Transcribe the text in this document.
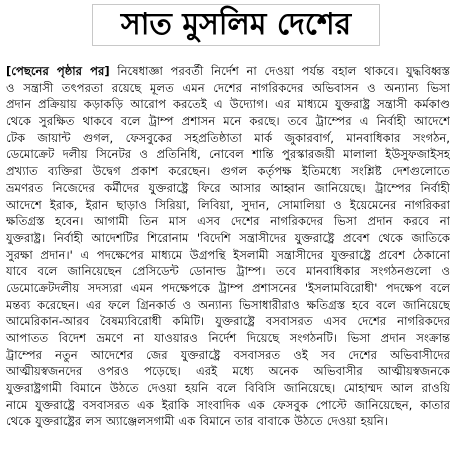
সাত মুসলিম দেশের
[পেছনের পৃষ্ঠার পর] নিষেধাজ্ঞা পরবর্তী নির্দেশ না দেওয়া পর্যন্ত বহাল থাকবে। যুদ্ধবিধ্বস্ত
ও সন্ত্রাসী তৎপরতা রয়েছে মূলত এমন দেশের নাগরিকদের অভিবাসন ও অন্যান্য ভিসা
প্রদান প্রক্রিয়ায় কড়াকড়ি আরোপ করতেই এ উদ্যোগ। এর মাধ্যমে যুক্তরাষ্ট্র সন্ত্রাসী কর্মকাণ্ড
থেকে সুরক্ষিত থাকবে বলে ট্রাম্প প্রশাসন মনে করছে। তবে ট্রাম্পের এ নির্বাহী আদেশে
টেক জায়ান্ট গুগল, ফেসবুকের সহপ্রতিষ্ঠাতা মার্ক জুকারবার্গ, মানবাধিকার সংগঠন,
ডেমোক্রেট দলীয় সিনেটর ও প্রতিনিধি, নোবেল শান্তি পুরস্কারজয়ী মালালা ইউসুফজাইসহ
প্রখ্যাত ব্যক্তিরা উদ্বেগ প্রকাশ করেছেন। গুগল কর্তৃপক্ষ ইতিমধ্যে সংশ্লিষ্ট দেশগুলোতে
ভ্রমণরত নিজেদের কর্মীদের যুক্তরাষ্ট্রে ফিরে আসার আহ্বান জানিয়েছে। ট্রাম্পের নির্বাহী
আদেশে ইরাক, ইরান ছাড়াও সিরিয়া, লিবিয়া, সুদান, সোমালিয়া ও ইয়েমেনের নাগরিকরা
ক্ষতিগ্রস্ত হবেন। আগামী তিন মাস এসব দেশের নাগরিকদের ভিসা প্রদান করবে না
যুক্তরাষ্ট্র। নির্বাহী আদেশটির শিরোনাম 'বিদেশি সন্ত্রাসীদের যুক্তরাষ্ট্রে প্রবেশ থেকে জাতিকে
সুরক্ষা প্রদান।' এ পদক্ষেপের মাধ্যমে উগ্রপন্থি ইসলামী সন্ত্রাসীদের যুক্তরাষ্ট্রে প্রবেশ ঠেকানো
যাবে বলে জানিয়েছেন প্রেসিডেন্ট ডোনাল্ড ট্রাম্প। তবে মানবাধিকার সংগঠনগুলো ও
ডেমোক্রেটদলীয় সদস্যরা এমন পদক্ষেপকে ট্রাম্প প্রশাসনের 'ইসলামবিরোধী' পদক্ষেপ বলে
মন্তব্য করেছেন। এর ফলে গ্রিনকার্ড ও অন্যান্য ভিসাধারীরাও ক্ষতিগ্রস্ত হবে বলে জানিয়েছে
আমেরিকান-আরব বৈষম্যবিরোধী কমিটি। যুক্তরাষ্ট্রে বসবাসরত এসব দেশের নাগরিকদের
আপাতত বিদেশ ভ্রমণে না যাওয়ারও নির্দেশ দিয়েছে সংগঠনটি। ভিসা প্রদান সংক্রান্ত
ট্রাম্পের নতুন আদেশের জের যুক্তরাষ্ট্রে বসবাসরত ওই সব দেশের অভিবাসীদের
আত্মীয়স্বজনদের ওপরও পড়েছে। এরই মধ্যে অনেক অভিবাসীর আত্মীয়স্বজনকে
যুক্তরাষ্ট্রগামী বিমানে উঠতে দেওয়া হয়নি বলে বিবিসি জানিয়েছে। মোহাম্মদ আল রাওয়ি
নামে যুক্তরাষ্ট্রে বসবাসরত এক ইরাকি সাংবাদিক এক ফেসবুক পোস্টে জানিয়েছেন, কাতার
থেকে যুক্তরাষ্ট্রের লস অ্যাঞ্জেলসগামী এক বিমানে তার বাবাকে উঠতে দেওয়া হয়নি।
